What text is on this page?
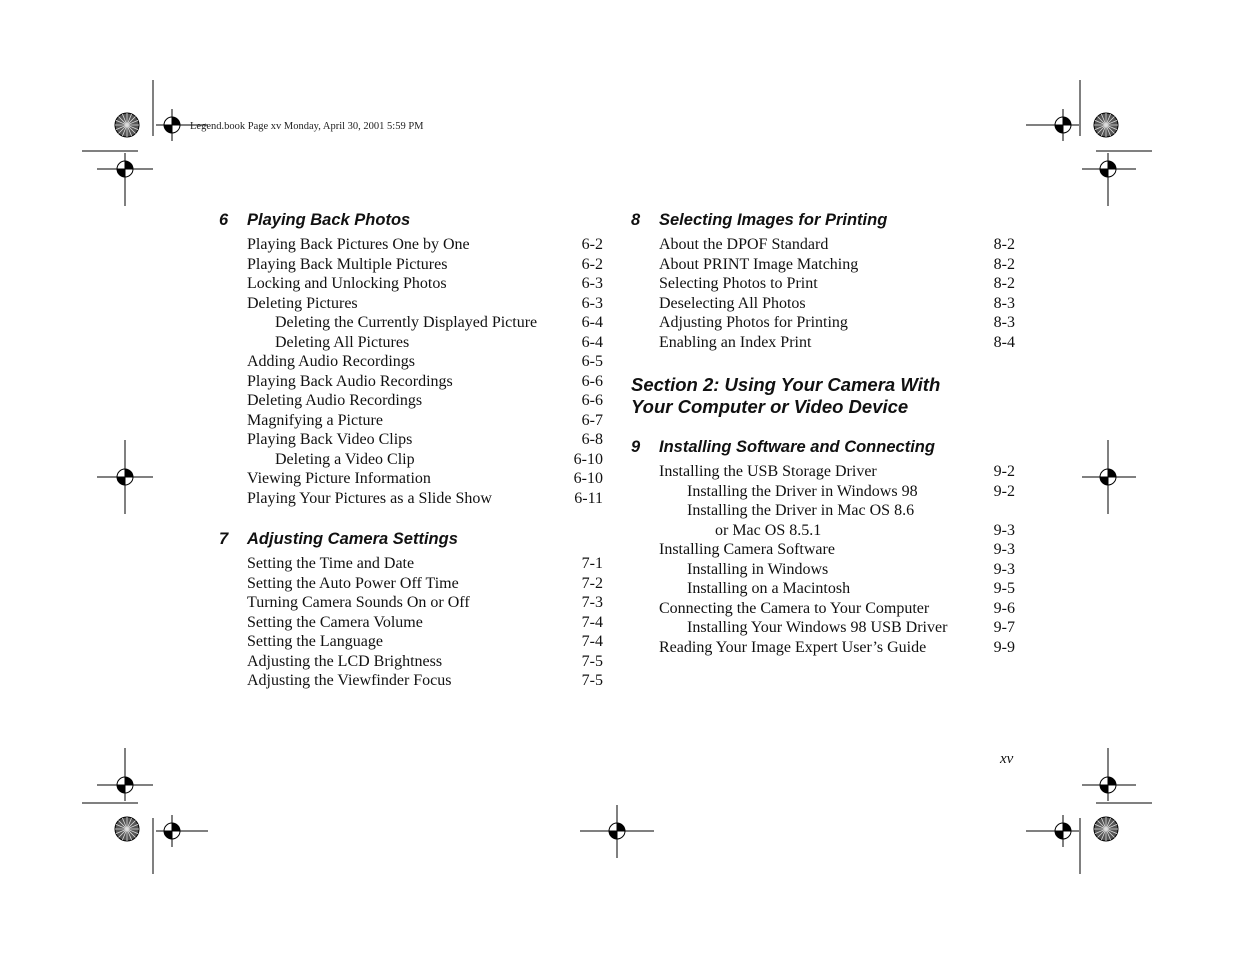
Legend.book Page xv Monday, April 30, 2001 5:59 PM
6	Playing Back Photos
Playing Back Pictures One by One	6-2
Playing Back Multiple Pictures	6-2
Locking and Unlocking Photos	6-3
Deleting Pictures	6-3
Deleting the Currently Displayed Picture	6-4
Deleting All Pictures	6-4
Adding Audio Recordings	6-5
Playing Back Audio Recordings	6-6
Deleting Audio Recordings	6-6
Magnifying a Picture	6-7
Playing Back Video Clips	6-8
Deleting a Video Clip	6-10
Viewing Picture Information	6-10
Playing Your Pictures as a Slide Show	6-11
7	Adjusting Camera Settings
Setting the Time and Date	7-1
Setting the Auto Power Off Time	7-2
Turning Camera Sounds On or Off	7-3
Setting the Camera Volume	7-4
Setting the Language	7-4
Adjusting the LCD Brightness	7-5
Adjusting the Viewfinder Focus	7-5
8	Selecting Images for Printing
About the DPOF Standard	8-2
About PRINT Image Matching	8-2
Selecting Photos to Print	8-2
Deselecting All Photos	8-3
Adjusting Photos for Printing	8-3
Enabling an Index Print	8-4
Section 2: Using Your Camera With
Your Computer or Video Device
9	Installing Software and Connecting
Installing the USB Storage Driver	9-2
Installing the Driver in Windows 98	9-2
Installing the Driver in Mac OS 8.6
or Mac OS 8.5.1	9-3
Installing Camera Software	9-3
Installing in Windows	9-3
Installing on a Macintosh	9-5
Connecting the Camera to Your Computer	9-6
Installing Your Windows 98 USB Driver	9-7
Reading Your Image Expert User’s Guide	9-9
xv
